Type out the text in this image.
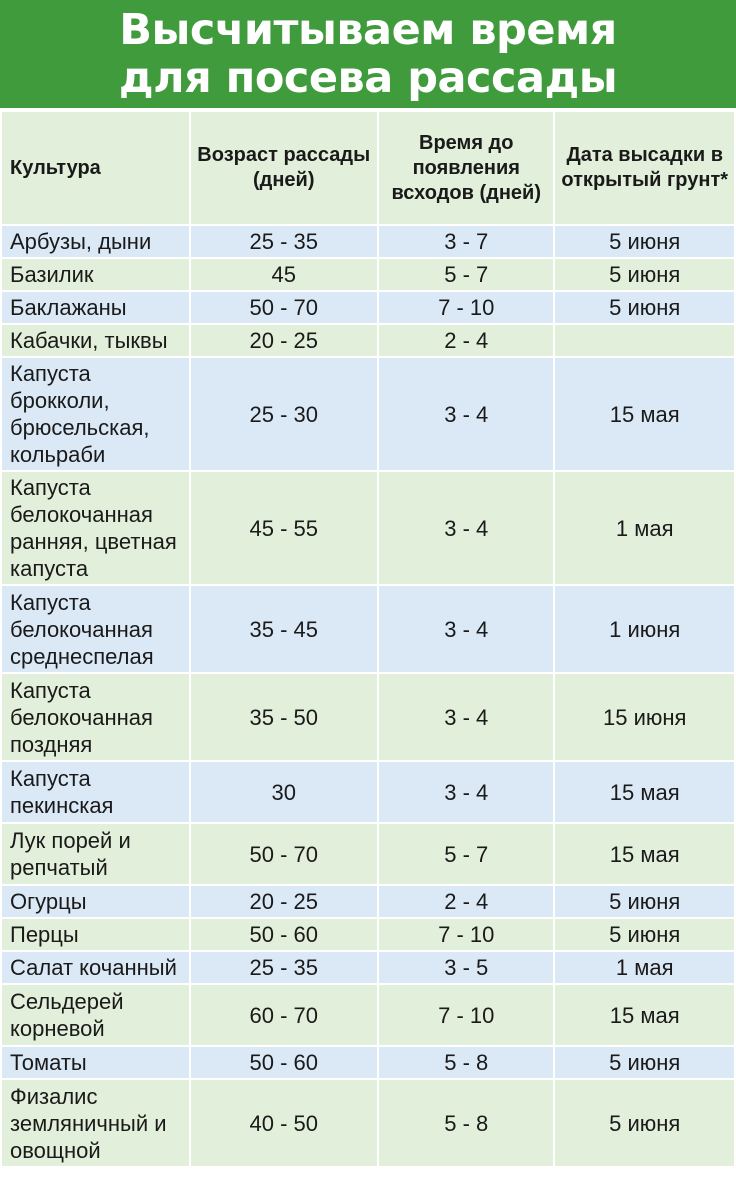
Высчитываем время
для посева рассады
Культура	Возраст рассады (дней)	Время до появления всходов (дней)	Дата высадки в открытый грунт*
Арбузы, дыни	25 - 35	3 - 7	5 июня
Базилик	45	5 - 7	5 июня
Баклажаны	50 - 70	7 - 10	5 июня
Кабачки, тыквы	20 - 25	2 - 4	
Капуста брокколи, брюсельская, кольраби	25 - 30	3 - 4	15 мая
Капуста белокочанная ранняя, цветная капуста	45 - 55	3 - 4	1 мая
Капуста белокочанная среднеспелая	35 - 45	3 - 4	1 июня
Капуста белокочанная поздняя	35 - 50	3 - 4	15 июня
Капуста пекинская	30	3 - 4	15 мая
Лук порей и репчатый	50 - 70	5 - 7	15 мая
Огурцы	20 - 25	2 - 4	5 июня
Перцы	50 - 60	7 - 10	5 июня
Салат кочанный	25 - 35	3 - 5	1 мая
Сельдерей корневой	60 - 70	7 - 10	15 мая
Томаты	50 - 60	5 - 8	5 июня
Физалис земляничный и овощной	40 - 50	5 - 8	5 июня
